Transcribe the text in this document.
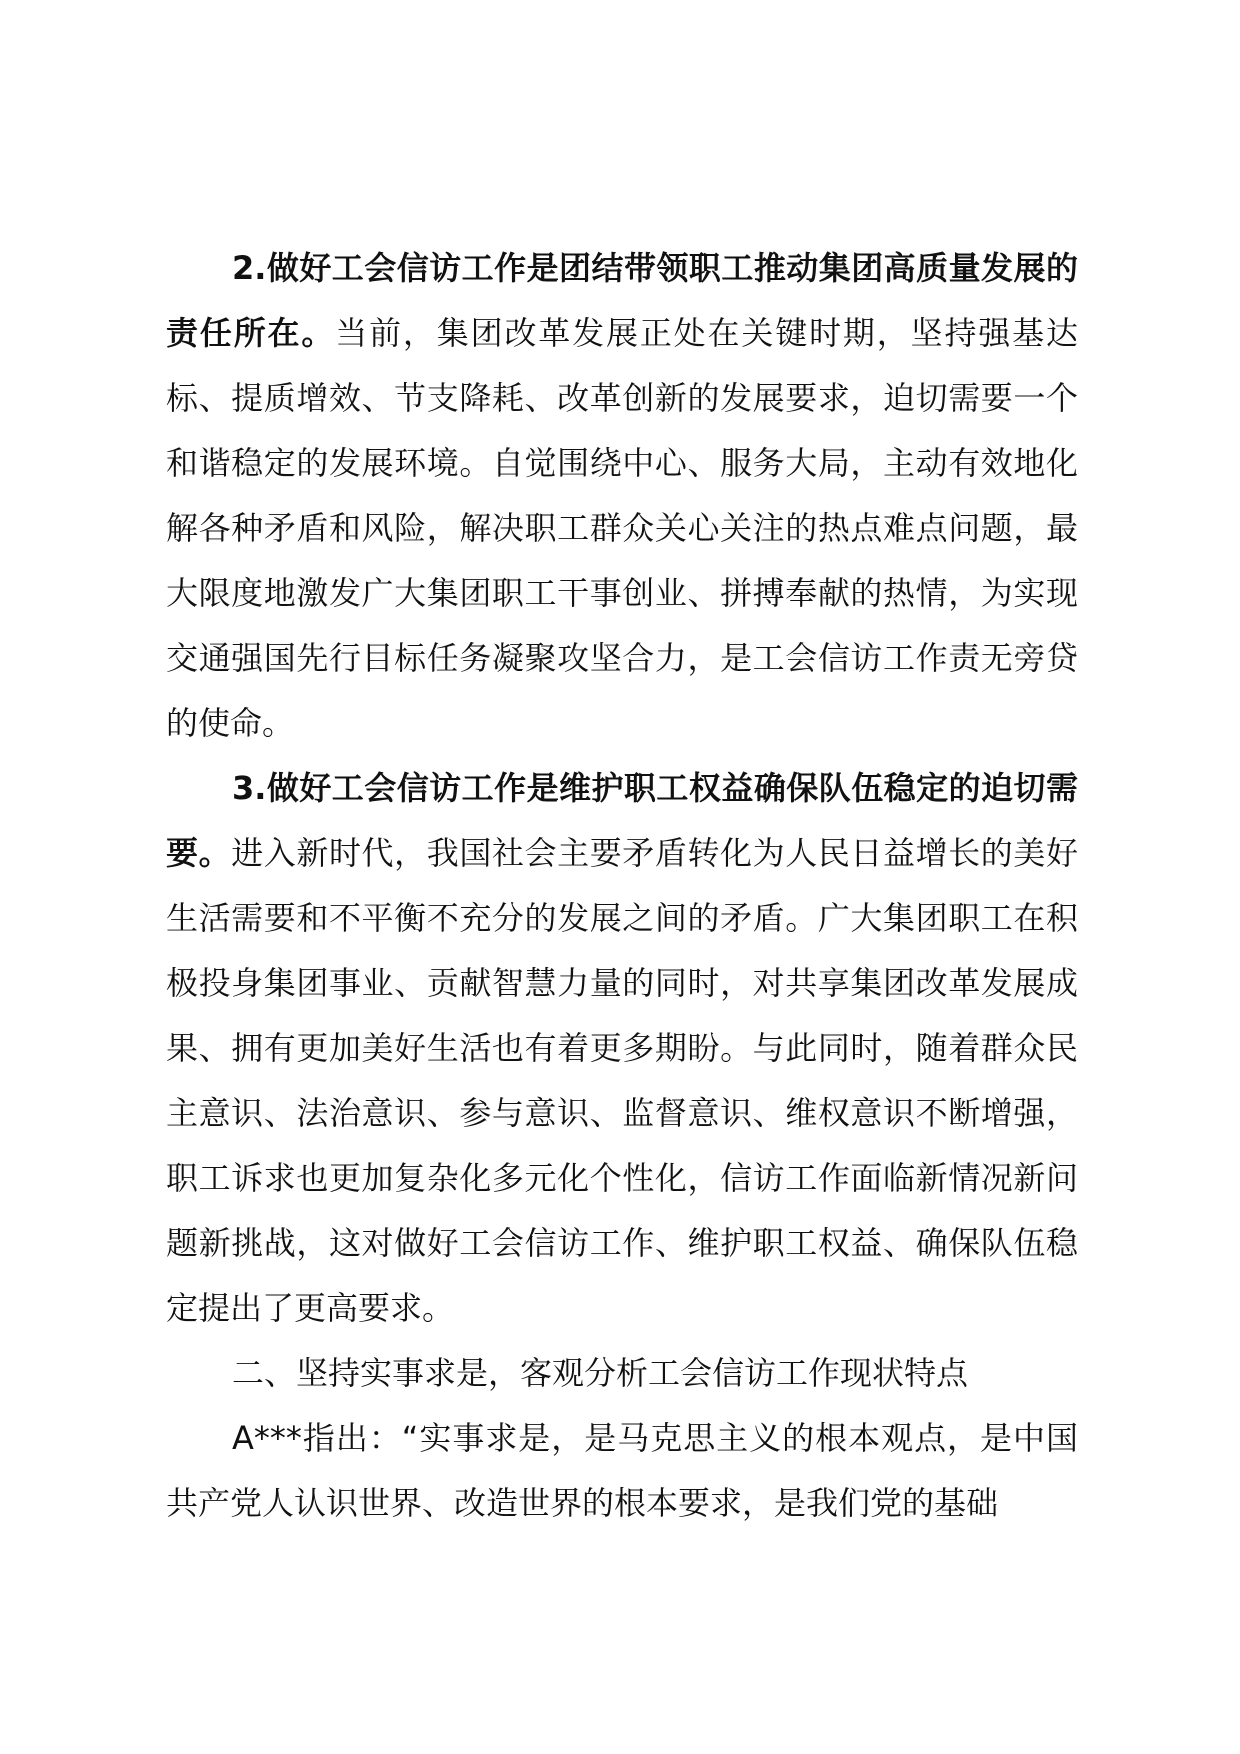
2.做好工会信访工作是团结带领职工推动集团高质量发展的责任所在。当前，集团改革发展正处在关键时期，坚持强基达标、提质增效、节支降耗、改革创新的发展要求，迫切需要一个和谐稳定的发展环境。自觉围绕中心、服务大局，主动有效地化解各种矛盾和风险，解决职工群众关心关注的热点难点问题，最大限度地激发广大集团职工干事创业、拼搏奉献的热情，为实现交通强国先行目标任务凝聚攻坚合力，是工会信访工作责无旁贷的使命。

3.做好工会信访工作是维护职工权益确保队伍稳定的迫切需要。进入新时代，我国社会主要矛盾转化为人民日益增长的美好生活需要和不平衡不充分的发展之间的矛盾。广大集团职工在积极投身集团事业、贡献智慧力量的同时，对共享集团改革发展成果、拥有更加美好生活也有着更多期盼。与此同时，随着群众民主意识、法治意识、参与意识、监督意识、维权意识不断增强，职工诉求也更加复杂化多元化个性化，信访工作面临新情况新问题新挑战，这对做好工会信访工作、维护职工权益、确保队伍稳定提出了更高要求。

二、坚持实事求是，客观分析工会信访工作现状特点

A***指出：“实事求是，是马克思主义的根本观点，是中国共产党人认识世界、改造世界的根本要求，是我们党的基础
